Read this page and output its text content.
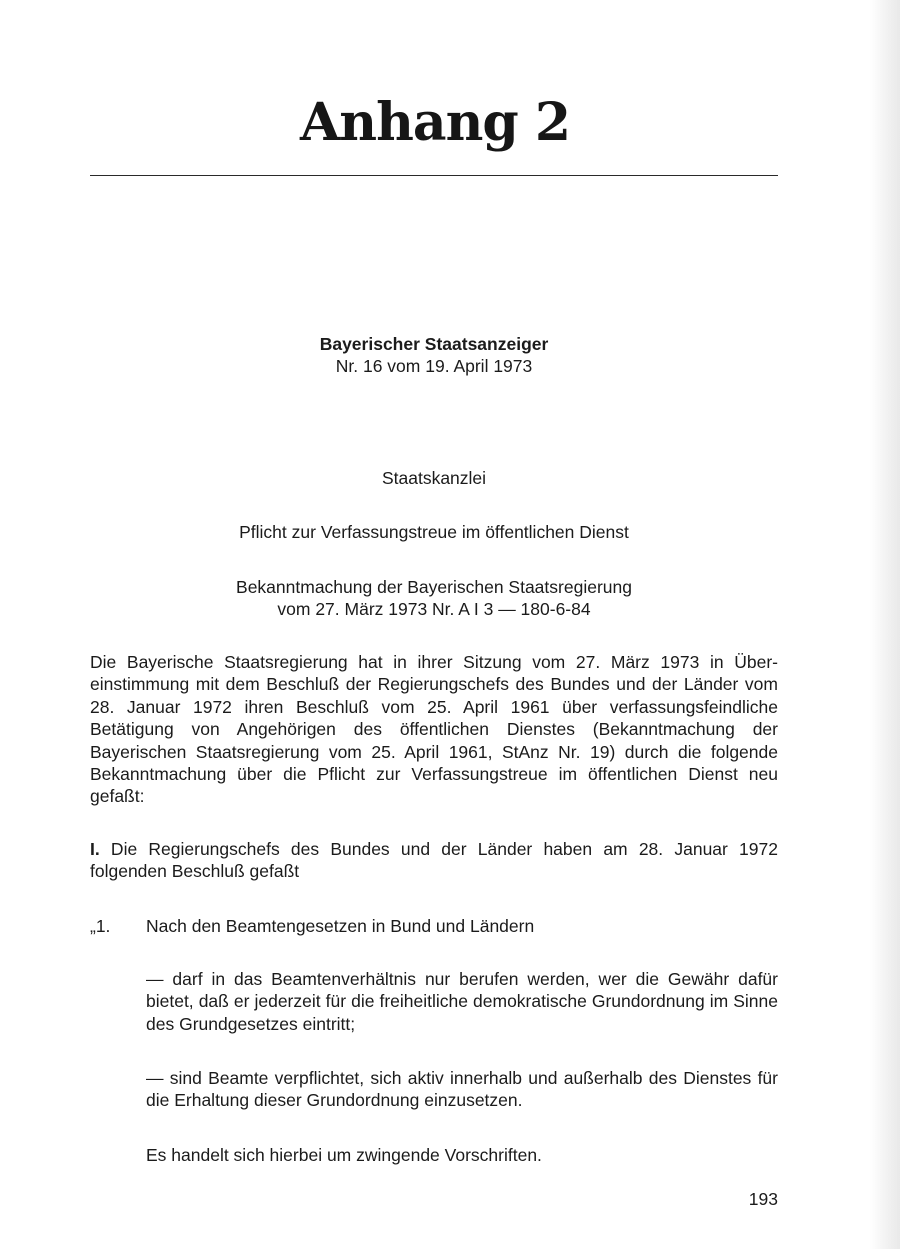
Anhang 2
Bayerischer Staatsanzeiger
Nr. 16 vom 19. April 1973
Staatskanzlei
Pflicht zur Verfassungstreue im öffentlichen Dienst
Bekanntmachung der Bayerischen Staatsregierung
vom 27. März 1973 Nr. A I 3 — 180-6-84

Die Bayerische Staatsregierung hat in ihrer Sitzung vom 27. März 1973 in Übereinstimmung mit dem Beschluß der Regierungschefs des Bundes und der Länder vom 28. Januar 1972 ihren Beschluß vom 25. April 1961 über verfassungsfeindliche Betätigung von Angehörigen des öffentlichen Dienstes (Bekanntmachung der Bayerischen Staatsregierung vom 25. April 1961, StAnz Nr. 19) durch die folgende Bekanntmachung über die Pflicht zur Verfassungstreue im öffentlichen Dienst neu gefaßt:

I. Die Regierungschefs des Bundes und der Länder haben am 28. Januar 1972 folgenden Beschluß gefaßt

„1. Nach den Beamtengesetzen in Bund und Ländern

— darf in das Beamtenverhältnis nur berufen werden, wer die Gewähr dafür bietet, daß er jederzeit für die freiheitliche demokratische Grundordnung im Sinne des Grundgesetzes eintritt;

— sind Beamte verpflichtet, sich aktiv innerhalb und außerhalb des Dienstes für die Erhaltung dieser Grundordnung einzusetzen.

Es handelt sich hierbei um zwingende Vorschriften.

193
